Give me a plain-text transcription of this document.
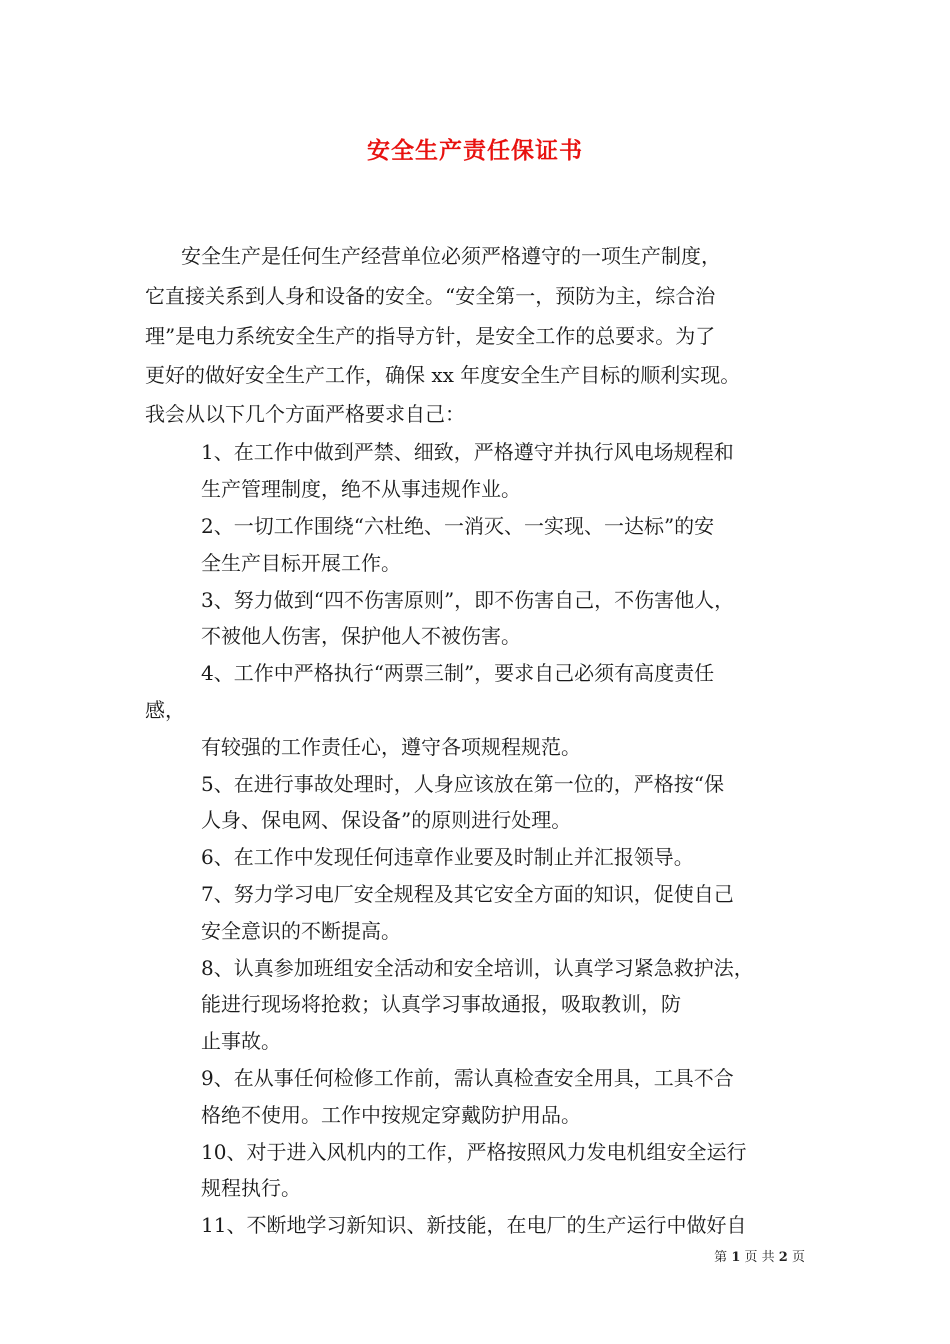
安全生产责任保证书
安全生产是任何生产经营单位必须严格遵守的一项生产制度，
它直接关系到人身和设备的安全。“安全第一，预防为主，综合治
理”是电力系统安全生产的指导方针，是安全工作的总要求。为了
更好的做好安全生产工作，确保 xx 年度安全生产目标的顺利实现。
我会从以下几个方面严格要求自己：
1、在工作中做到严禁、细致，严格遵守并执行风电场规程和
生产管理制度，绝不从事违规作业。
2、一切工作围绕“六杜绝、一消灭、一实现、一达标”的安
全生产目标开展工作。
3、努力做到“四不伤害原则”，即不伤害自己，不伤害他人，
不被他人伤害，保护他人不被伤害。
4、工作中严格执行“两票三制”，要求自己必须有高度责任
感，
有较强的工作责任心，遵守各项规程规范。
5、在进行事故处理时，人身应该放在第一位的，严格按“保
人身、保电网、保设备”的原则进行处理。
6、在工作中发现任何违章作业要及时制止并汇报领导。
7、努力学习电厂安全规程及其它安全方面的知识，促使自己
安全意识的不断提高。
8、认真参加班组安全活动和安全培训，认真学习紧急救护法，
能进行现场将抢救；认真学习事故通报，吸取教训，防
止事故。
9、在从事任何检修工作前，需认真检查安全用具，工具不合
格绝不使用。工作中按规定穿戴防护用品。
10、对于进入风机内的工作，严格按照风力发电机组安全运行
规程执行。
11、不断地学习新知识、新技能，在电厂的生产运行中做好自
第 1 页 共 2 页
